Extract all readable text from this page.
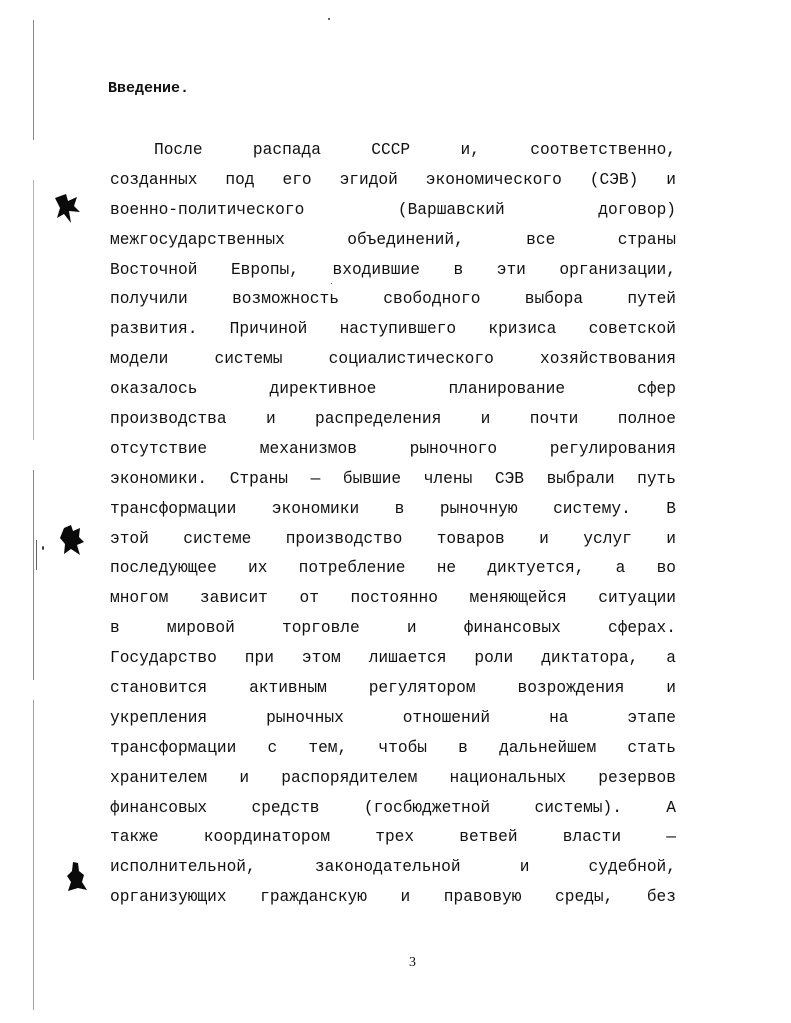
Введение.
После распада СССР и, соответственно,
созданных под его эгидой экономического (СЭВ) и
военно-политического (Варшавский договор)
межгосударственных объединений, все страны
Восточной Европы, входившие в эти организации,
получили возможность свободного выбора путей
развития. Причиной наступившего кризиса советской
модели системы социалистического хозяйствования
оказалось директивное планирование сфер
производства и распределения и почти полное
отсутствие механизмов рыночного регулирования
экономики. Страны — бывшие члены СЭВ выбрали путь
трансформации экономики в рыночную систему. В
этой системе производство товаров и услуг и
последующее их потребление не диктуется, а во
многом зависит от постоянно меняющейся ситуации
в мировой торговле и финансовых сферах.
Государство при этом лишается роли диктатора, а
становится активным регулятором возрождения и
укрепления рыночных отношений на этапе
трансформации с тем, чтобы в дальнейшем стать
хранителем и распорядителем национальных резервов
финансовых средств (госбюджетной системы). А
также координатором трех ветвей власти —
исполнительной, законодательной и судебной,
организующих гражданскую и правовую среды, без
3
